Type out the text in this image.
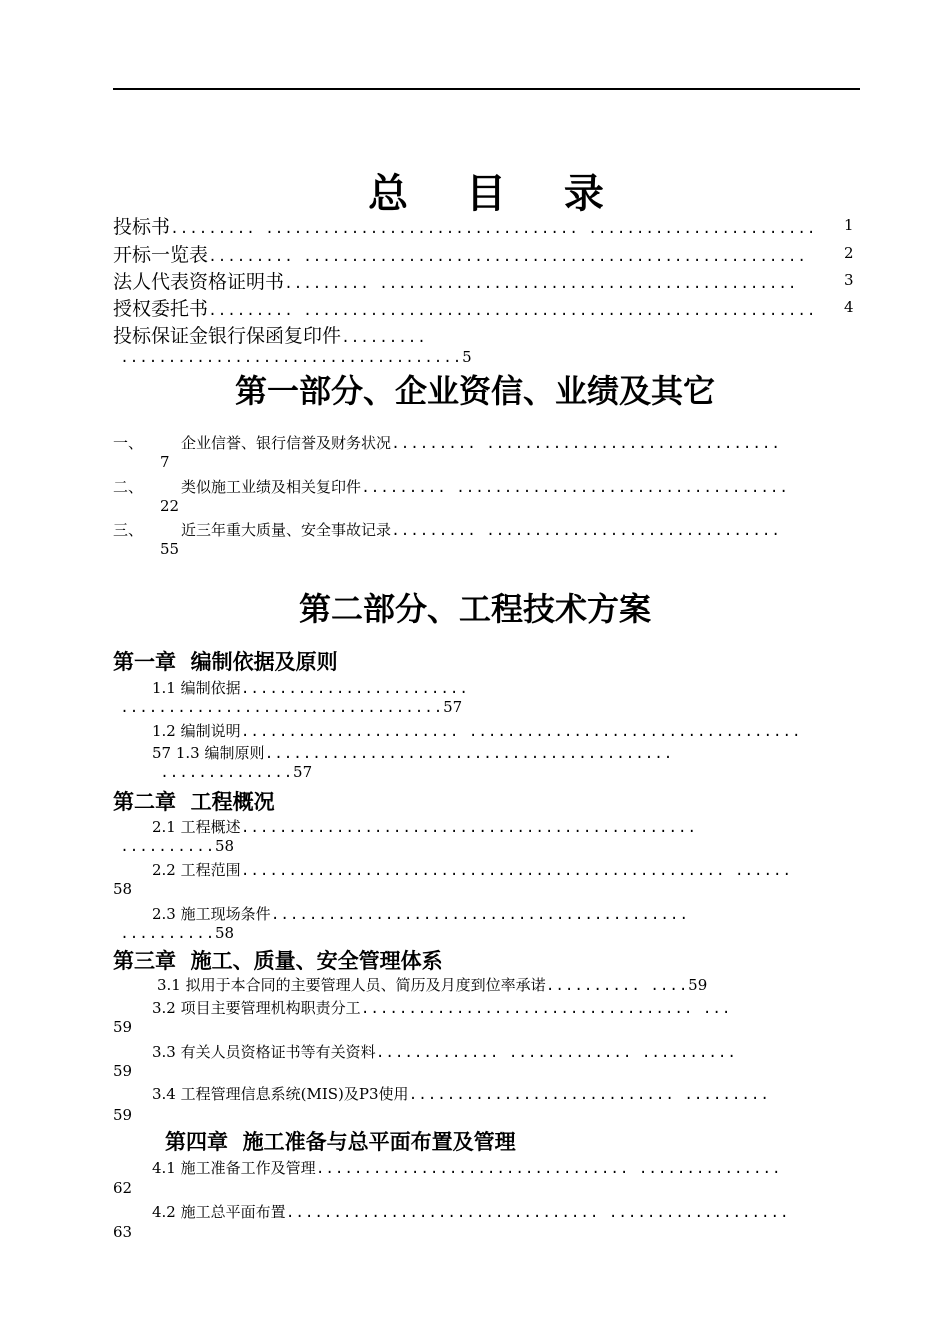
总 目 录
投标书......... ................................. ........................ 1
开标一览表......... ..................................................... 2
法人代表资格证明书......... ............................................	3
授权委托书......... ...................................................... 4
投标保证金银行保函复印件.........
....................................5
第一部分、企业资信、业绩及其它
一、	企业信誉、银行信誉及财务状况......... ...............................
7
二、	类似施工业绩及相关复印件......... ...................................
22
三、	近三年重大质量、安全事故记录......... ...............................
55
第二部分、工程技术方案
第一章  编制依据及原则
1.1 编制依据........................
..................................57
1.2 编制说明....................... ...................................
57 1.3 编制原则...........................................
..............57
第二章  工程概况
2.1 工程概述................................................
..........58
2.2 工程范围................................................... ......
58
2.3 施工现场条件............................................
..........58
第三章  施工、质量、安全管理体系
3.1 拟用于本合同的主要管理人员、简历及月度到位率承诺.......... ....59
3.2 项目主要管理机构职责分工................................... ...
59
3.3 有关人员资格证书等有关资料............. ............. ..........
59
3.4 工程管理信息系统(MIS)及P3使用............................ .........
59
第四章  施工准备与总平面布置及管理
4.1 施工准备工作及管理................................. ...............
62
4.2 施工总平面布置................................. ...................
63
